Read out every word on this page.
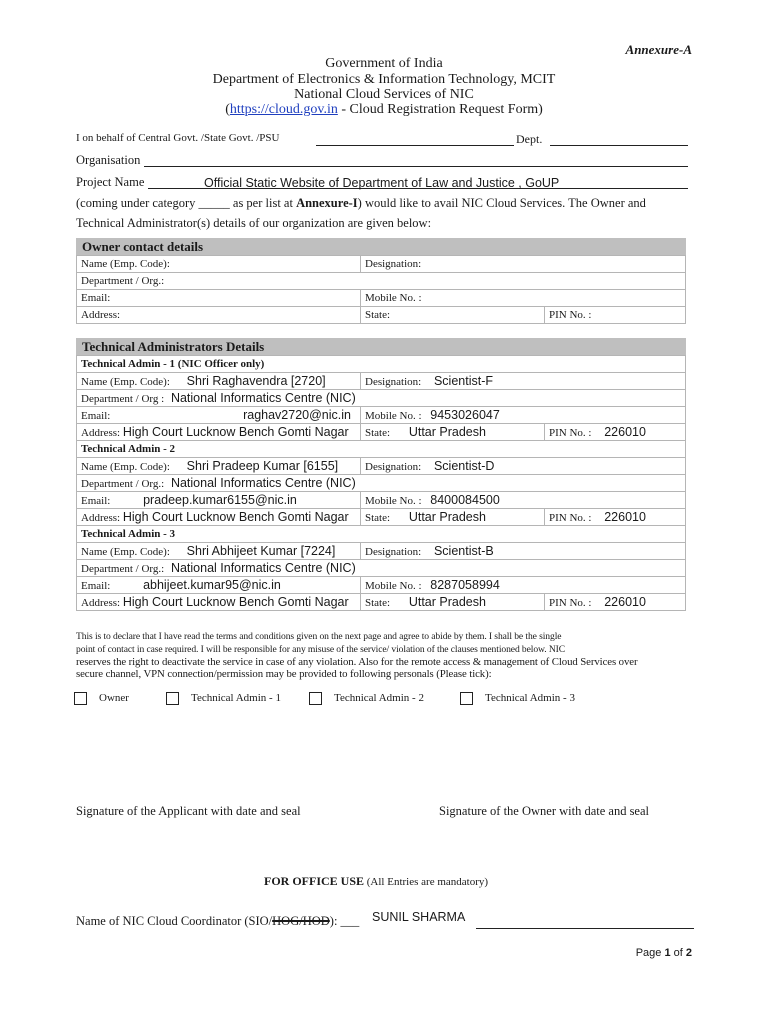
Annexure-A
Government of India
Department of Electronics & Information Technology, MCIT
National Cloud Services of NIC
(https://cloud.gov.in - Cloud Registration Request Form)
I on behalf of Central Govt. /State Govt. /PSU	Dept.
Organisation
Project Name	Official Static Website of Department of Law and Justice , GoUP
(coming under category _____ as per list at Annexure-I) would like to avail NIC Cloud Services. The Owner and
Technical Administrator(s) details of our organization are given below:
Owner contact details
Name (Emp. Code):	Designation:	
Department / Org.:		
Email:	Mobile No. :	
Address:	State:	PIN No. :
Technical Administrators Details
Technical Admin - 1 (NIC Officer only)		
Name (Emp. Code): Shri Raghavendra [2720]	Designation: Scientist-F	
Department / Org : National Informatics Centre (NIC)		
Email: raghav2720@nic.in	Mobile No. : 9453026047	
Address: High Court Lucknow Bench Gomti Nagar	State: Uttar Pradesh	PIN No. : 226010
Technical Admin - 2		
Name (Emp. Code): Shri Pradeep Kumar [6155]	Designation: Scientist-D	
Department / Org.: National Informatics Centre (NIC)		
Email: pradeep.kumar6155@nic.in	Mobile No. : 8400084500	
Address: High Court Lucknow Bench Gomti Nagar	State: Uttar Pradesh	PIN No. : 226010
Technical Admin - 3		
Name (Emp. Code): Shri Abhijeet Kumar [7224]	Designation: Scientist-B	
Department / Org.: National Informatics Centre (NIC)		
Email: abhijeet.kumar95@nic.in	Mobile No. : 8287058994	
Address: High Court Lucknow Bench Gomti Nagar	State: Uttar Pradesh	PIN No. : 226010
This is to declare that I have read the terms and conditions given on the next page and agree to abide by them. I shall be the single
point of contact in case required. I will be responsible for any misuse of the service/ violation of the clauses mentioned below. NIC
reserves the right to deactivate the service in case of any violation. Also for the remote access & management of Cloud Services over
secure channel, VPN connection/permission may be provided to following personals (Please tick):
Owner	Technical Admin - 1	Technical Admin - 2	Technical Admin - 3
Signature of the Applicant with date and seal	Signature of the Owner with date and seal
FOR OFFICE USE (All Entries are mandatory)
Name of NIC Cloud Coordinator (SIO/HOG/HOD): ___ SUNIL SHARMA
Page 1 of 2
